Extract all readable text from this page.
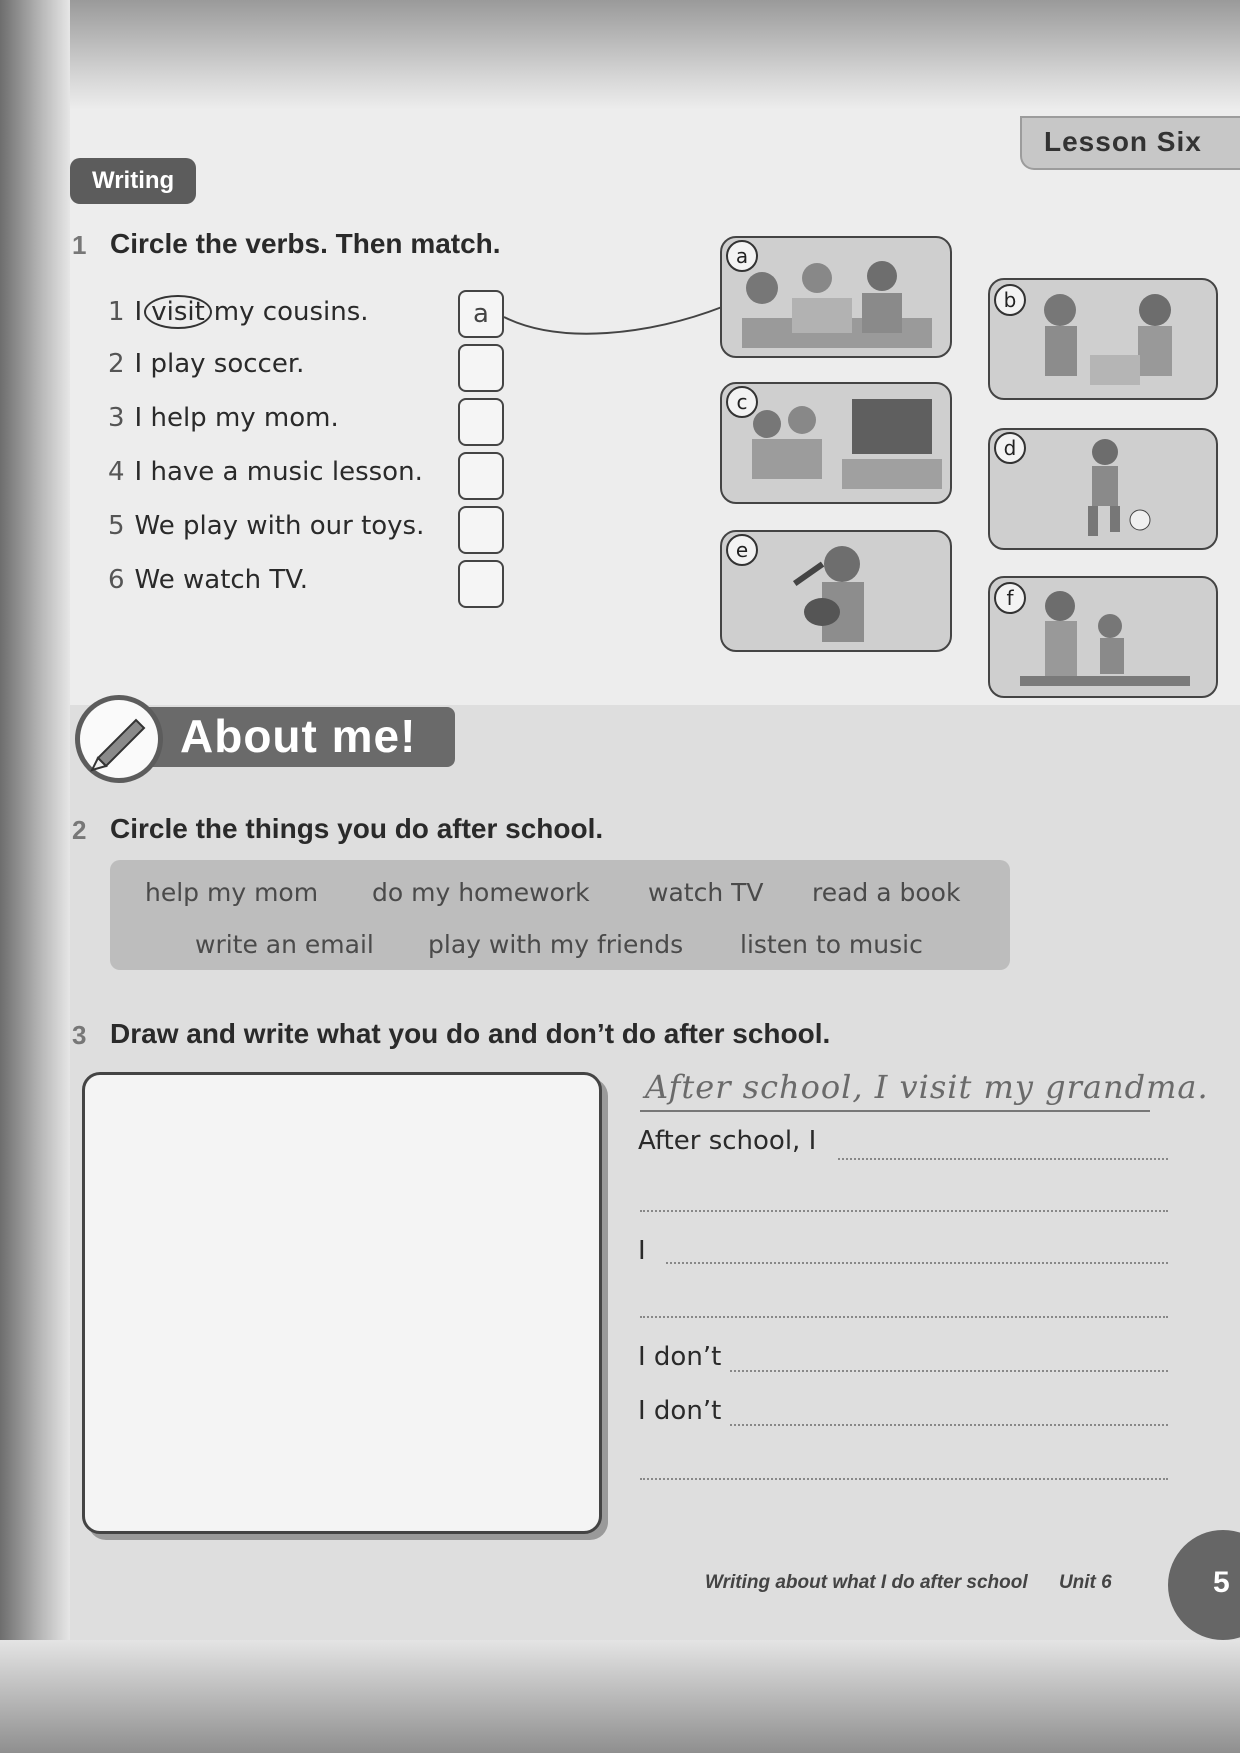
Lesson Six
Writing
1 Circle the verbs. Then match.
1 I visit my cousins.
2 I play soccer.
3 I help my mom.
4 I have a music lesson.
5 We play with our toys.
6 We watch TV.
a
a
b
c
d
e
f
About me!
2 Circle the things you do after school.
help my mom do my homework watch TV read a book
write an email play with my friends listen to music
3 Draw and write what you do and don’t do after school.
After school, I visit my grandma.
After school, I
I
I don’t
I don’t
Writing about what I do after school Unit 6	5
